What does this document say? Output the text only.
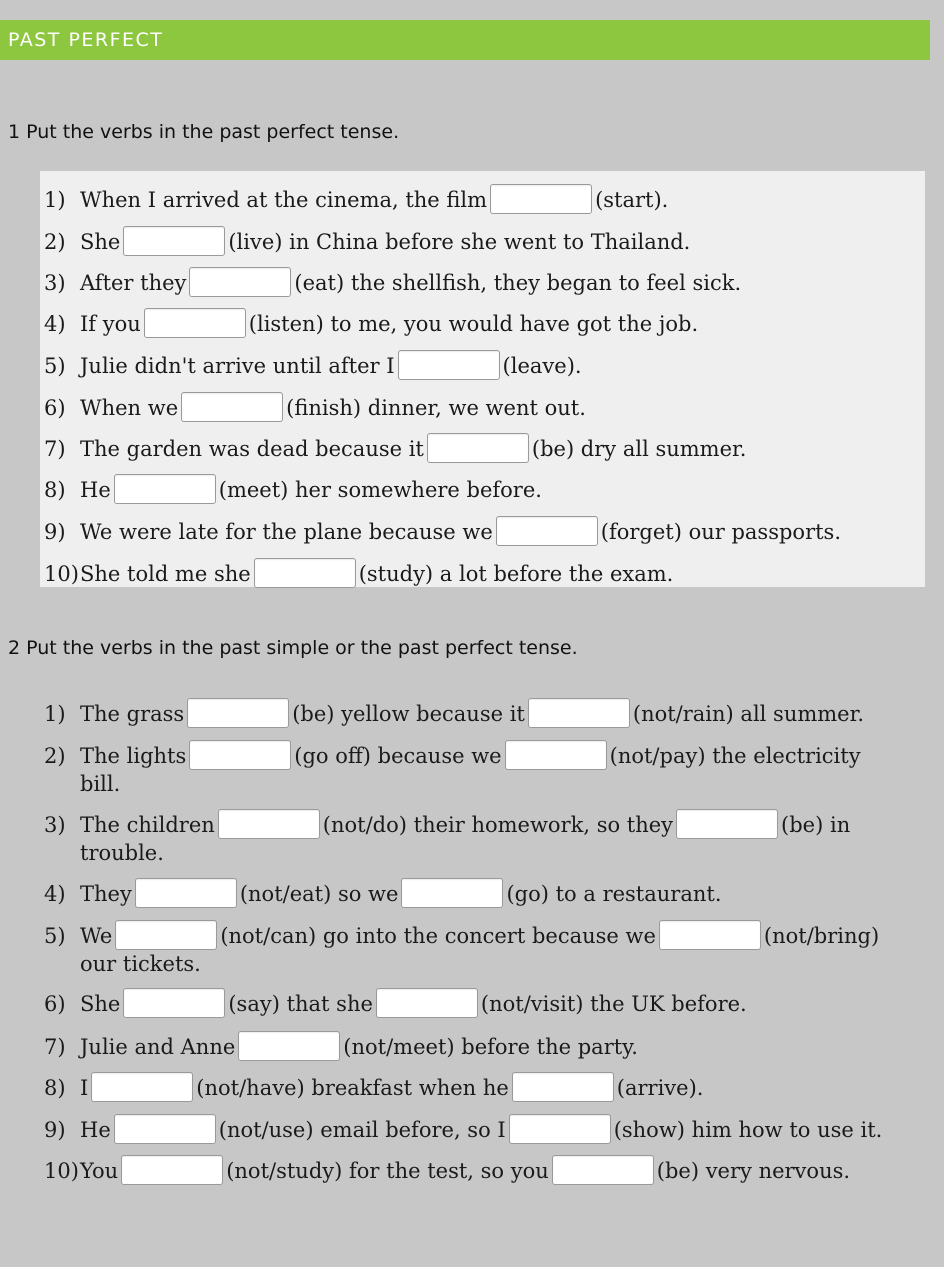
PAST PERFECT
1 Put the verbs in the past perfect tense.
1) When I arrived at the cinema, the film	(start).
2) She	(live) in China before she went to Thailand.
3) After they	(eat) the shellfish, they began to feel sick.
4) If you	(listen) to me, you would have got the job.
5) Julie didn't arrive until after I	(leave).
6) When we	(finish) dinner, we went out.
7) The garden was dead because it	(be) dry all summer.
8) He	(meet) her somewhere before.
9) We were late for the plane because we	(forget) our passports.
10)She told me she	(study) a lot before the exam.
2 Put the verbs in the past simple or the past perfect tense.
1) The grass	(be) yellow because it	(not/rain) all summer.
2) The lights	(go off) because we	(not/pay) the electricity
bill.
3) The children	(not/do) their homework, so they	(be) in
trouble.
4) They	(not/eat) so we	(go) to a restaurant.
5) We	(not/can) go into the concert because we	(not/bring)
our tickets.
6) She	(say) that she	(not/visit) the UK before.
7) Julie and Anne	(not/meet) before the party.
8) I	(not/have) breakfast when he	(arrive).
9) He	(not/use) email before, so I	(show) him how to use it.
10)You	(not/study) for the test, so you	(be) very nervous.
